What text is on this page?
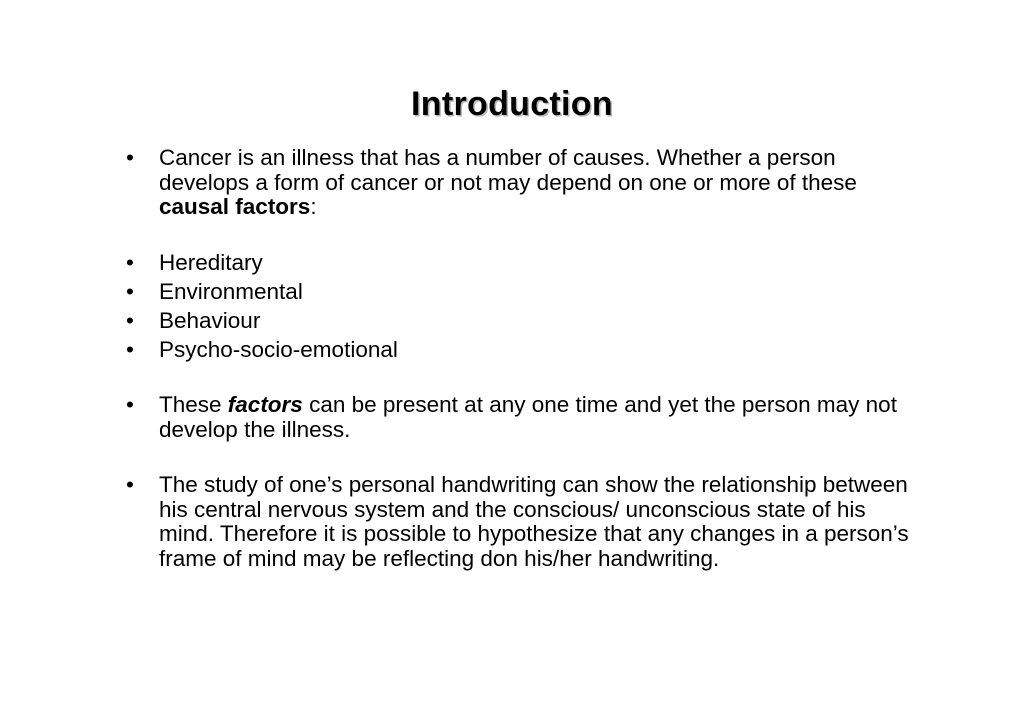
Introduction
• Cancer is an illness that has a number of causes. Whether a person develops a form of cancer or not may depend on one or more of these causal factors:
• Hereditary
• Environmental
• Behaviour
• Psycho-socio-emotional
• These factors can be present at any one time and yet the person may not develop the illness.
• The study of one’s personal handwriting can show the relationship between his central nervous system and the conscious/ unconscious state of his mind. Therefore it is possible to hypothesize that any changes in a person’s frame of mind may be reflecting don his/her handwriting.
